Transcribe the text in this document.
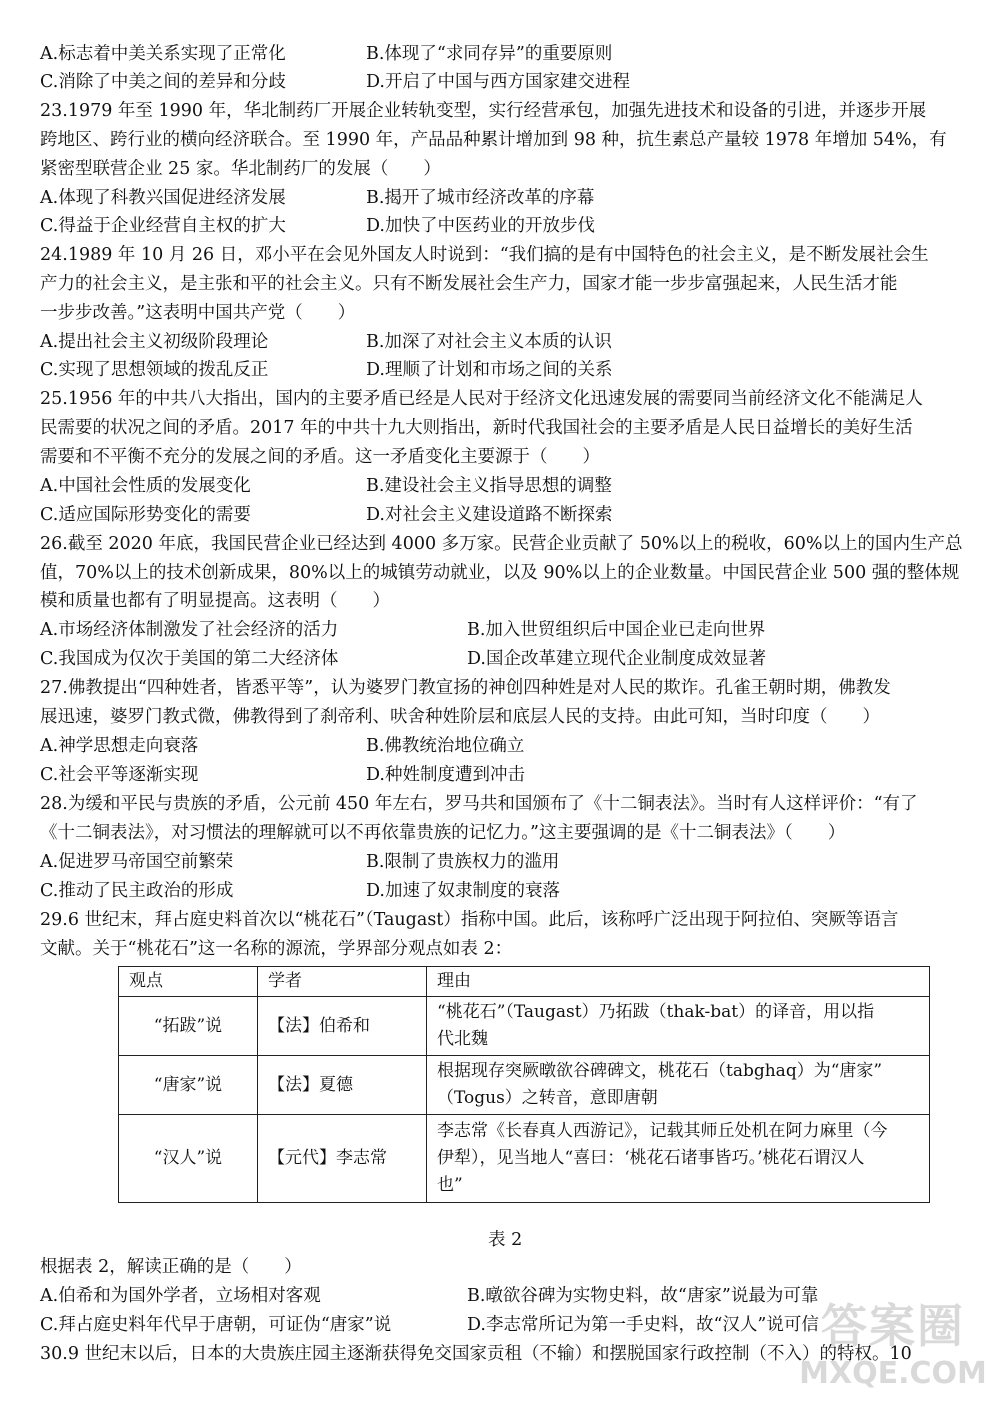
A.标志着中美关系实现了正常化	B.体现了“求同存异”的重要原则
C.消除了中美之间的差异和分歧	D.开启了中国与西方国家建交进程
23.1979 年至 1990 年，华北制药厂开展企业转轨变型，实行经营承包，加强先进技术和设备的引进，并逐步开展
跨地区、跨行业的横向经济联合。至 1990 年，产品品种累计增加到 98 种，抗生素总产量较 1978 年增加 54%，有
紧密型联营企业 25 家。华北制药厂的发展（　　）
A.体现了科教兴国促进经济发展	B.揭开了城市经济改革的序幕
C.得益于企业经营自主权的扩大	D.加快了中医药业的开放步伐
24.1989 年 10 月 26 日，邓小平在会见外国友人时说到：“我们搞的是有中国特色的社会主义，是不断发展社会生
产力的社会主义，是主张和平的社会主义。只有不断发展社会生产力，国家才能一步步富强起来，人民生活才能
一步步改善。”这表明中国共产党（　　）
A.提出社会主义初级阶段理论	B.加深了对社会主义本质的认识
C.实现了思想领域的拨乱反正	D.理顺了计划和市场之间的关系
25.1956 年的中共八大指出，国内的主要矛盾已经是人民对于经济文化迅速发展的需要同当前经济文化不能满足人
民需要的状况之间的矛盾。2017 年的中共十九大则指出，新时代我国社会的主要矛盾是人民日益增长的美好生活
需要和不平衡不充分的发展之间的矛盾。这一矛盾变化主要源于（　　）
A.中国社会性质的发展变化	B.建设社会主义指导思想的调整
C.适应国际形势变化的需要	D.对社会主义建设道路不断探索
26.截至 2020 年底，我国民营企业已经达到 4000 多万家。民营企业贡献了 50%以上的税收，60%以上的国内生产总
值，70%以上的技术创新成果，80%以上的城镇劳动就业，以及 90%以上的企业数量。中国民营企业 500 强的整体规
模和质量也都有了明显提高。这表明（　　）
A.市场经济体制激发了社会经济的活力	B.加入世贸组织后中国企业已走向世界
C.我国成为仅次于美国的第二大经济体	D.国企改革建立现代企业制度成效显著
27.佛教提出“四种姓者，皆悉平等”，认为婆罗门教宣扬的神创四种姓是对人民的欺诈。孔雀王朝时期，佛教发
展迅速，婆罗门教式微，佛教得到了刹帝利、吠舍种姓阶层和底层人民的支持。由此可知，当时印度（　　）
A.神学思想走向衰落	B.佛教统治地位确立
C.社会平等逐渐实现	D.种姓制度遭到冲击
28.为缓和平民与贵族的矛盾，公元前 450 年左右，罗马共和国颁布了《十二铜表法》。当时有人这样评价：“有了
《十二铜表法》，对习惯法的理解就可以不再依靠贵族的记忆力。”这主要强调的是《十二铜表法》（　　）
A.促进罗马帝国空前繁荣	B.限制了贵族权力的滥用
C.推动了民主政治的形成	D.加速了奴隶制度的衰落
29.6 世纪末，拜占庭史料首次以“桃花石”（Taugast）指称中国。此后，该称呼广泛出现于阿拉伯、突厥等语言
文献。关于“桃花石”这一名称的源流，学界部分观点如表 2：
观点	学者	理由
“拓跋”说	【法】伯希和	“桃花石”（Taugast）乃拓跋（thak-bat）的译音，用以指
代北魏

“唐家”说	【法】夏德	根据现存突厥暾欲谷碑碑文，桃花石（tabghaq）为“唐家”
（Togus）之转音，意即唐朝

“汉人”说	【元代】李志常	李志常《长春真人西游记》，记载其师丘处机在阿力麻里（今
伊犁），见当地人“喜曰：‘桃花石诸事皆巧。’桃花石谓汉人
也”
表 2
根据表 2，解读正确的是（　　）
A.伯希和为国外学者，立场相对客观	B.暾欲谷碑为实物史料，故“唐家”说最为可靠
C.拜占庭史料年代早于唐朝，可证伪“唐家”说	D.李志常所记为第一手史料，故“汉人”说可信
30.9 世纪末以后，日本的大贵族庄园主逐渐获得免交国家贡租（不输）和摆脱国家行政控制（不入）的特权。10
答案圈
MXQE.COM
